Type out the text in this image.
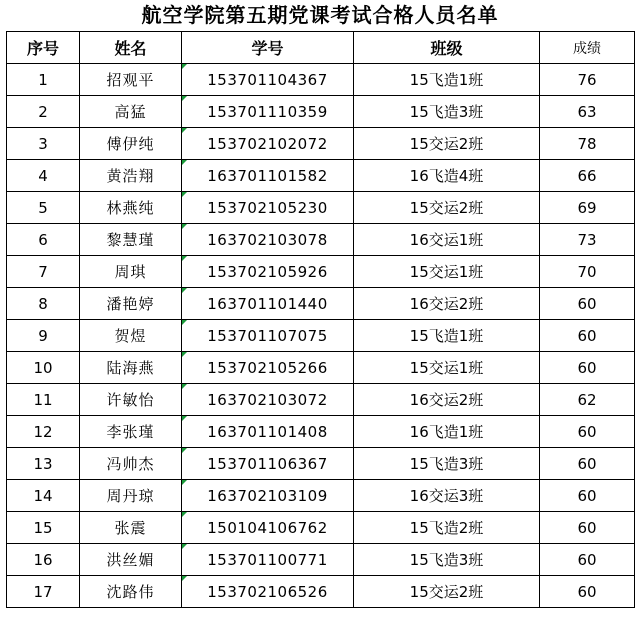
航空学院第五期党课考试合格人员名单
序号	姓名	学号	班级	成绩
1	招观平	153701104367	15飞造1班	76
2	高猛	153701110359	15飞造3班	63
3	傅伊纯	153702102072	15交运2班	78
4	黄浩翔	163701101582	16飞造4班	66
5	林燕纯	153702105230	15交运2班	69
6	黎慧瑾	163702103078	16交运1班	73
7	周琪	153702105926	15交运1班	70
8	潘艳婷	163701101440	16交运2班	60
9	贺煜	153701107075	15飞造1班	60
10	陆海燕	153702105266	15交运1班	60
11	许敏怡	163702103072	16交运2班	62
12	李张瑾	163701101408	16飞造1班	60
13	冯帅杰	153701106367	15飞造3班	60
14	周丹琼	163702103109	16交运3班	60
15	张震	150104106762	15飞造2班	60
16	洪丝媚	153701100771	15飞造3班	60
17	沈路伟	153702106526	15交运2班	60
